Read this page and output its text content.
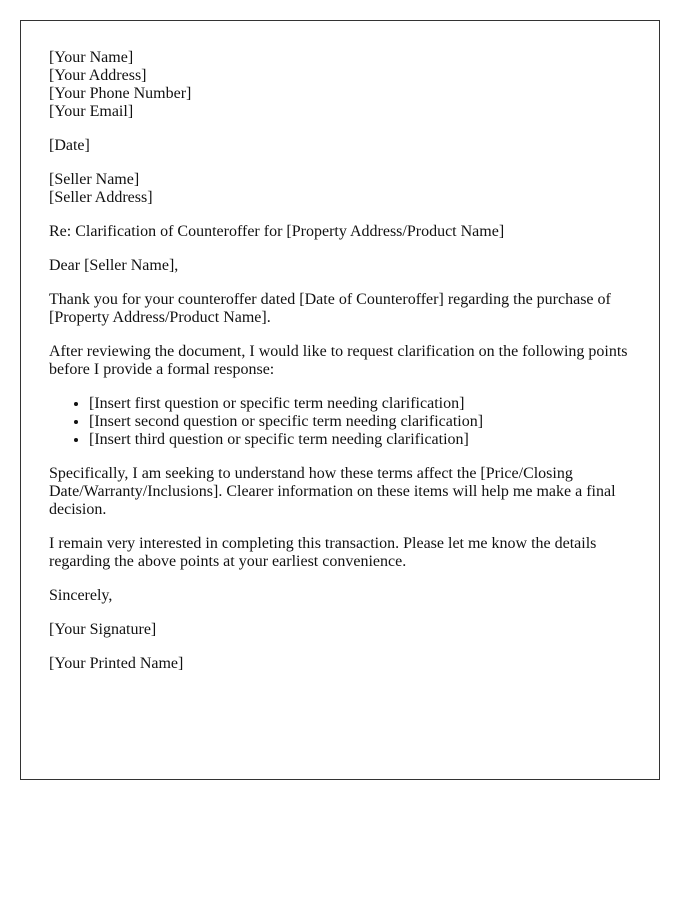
[Your Name]
[Your Address]
[Your Phone Number]
[Your Email]

[Date]

[Seller Name]
[Seller Address]

Re: Clarification of Counteroffer for [Property Address/Product Name]

Dear [Seller Name],

Thank you for your counteroffer dated [Date of Counteroffer] regarding the purchase of [Property Address/Product Name].

After reviewing the document, I would like to request clarification on the following points before I provide a formal response:

• [Insert first question or specific term needing clarification]
• [Insert second question or specific term needing clarification]
• [Insert third question or specific term needing clarification]

Specifically, I am seeking to understand how these terms affect the [Price/Closing Date/Warranty/Inclusions]. Clearer information on these items will help me make a final decision.

I remain very interested in completing this transaction. Please let me know the details regarding the above points at your earliest convenience.

Sincerely,

[Your Signature]

[Your Printed Name]
